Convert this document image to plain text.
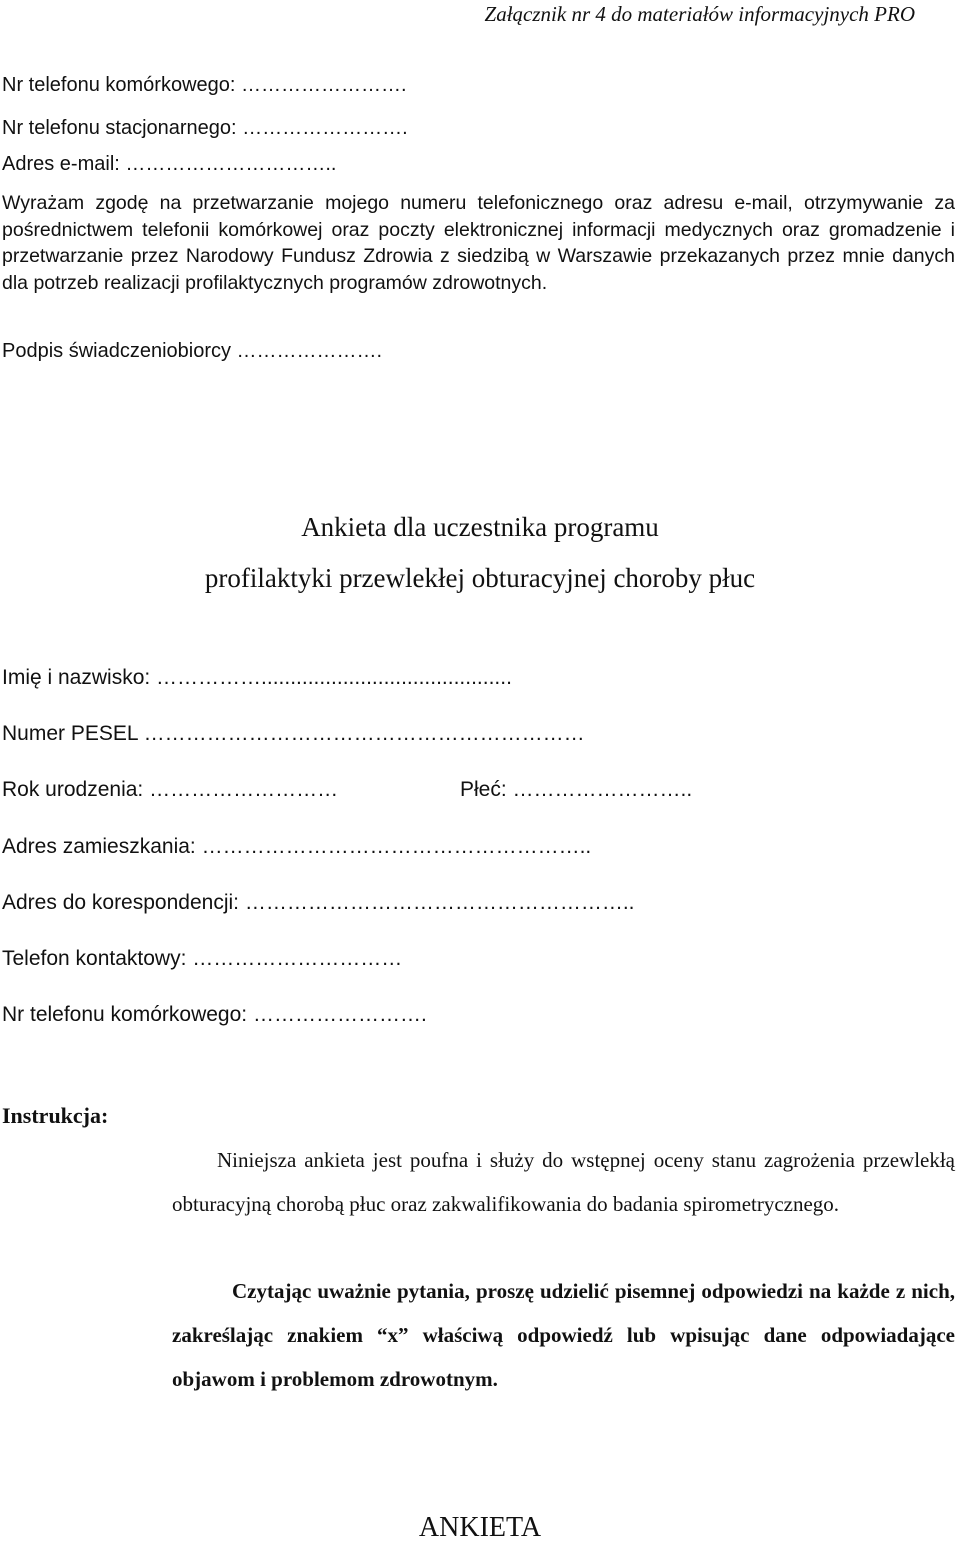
Załącznik nr 4 do materiałów informacyjnych PRO
Nr telefonu komórkowego: …………………….
Nr telefonu stacjonarnego: …………………….
Adres e-mail: …………………………..
Wyrażam zgodę na przetwarzanie mojego numeru telefonicznego oraz adresu e-mail, otrzymywanie za pośrednictwem telefonii komórkowej oraz poczty elektronicznej informacji medycznych oraz gromadzenie i przetwarzanie przez Narodowy Fundusz Zdrowia z siedzibą w Warszawie przekazanych przez mnie danych dla potrzeb realizacji profilaktycznych programów zdrowotnych.
Podpis świadczeniobiorcy ………………….
Ankieta dla uczestnika programu
profilaktyki przewlekłej obturacyjnej choroby płuc
Imię i nazwisko: ……………...........................................
Numer PESEL ………………………………………………………
Rok urodzenia: ………………………	Płeć: ……………………..
Adres zamieszkania: ………………………………………………..
Adres do korespondencji: ………………………………………………..
Telefon kontaktowy: …………………………
Nr telefonu komórkowego: …………………….
Instrukcja:
Niniejsza ankieta jest poufna i służy do wstępnej oceny stanu zagrożenia przewlekłą obturacyjną chorobą płuc oraz zakwalifikowania do badania spirometrycznego.
Czytając uważnie pytania, proszę udzielić pisemnej odpowiedzi na każde z nich, zakreślając znakiem “x” właściwą odpowiedź lub wpisując dane odpowiadające objawom i problemom zdrowotnym.
ANKIETA
